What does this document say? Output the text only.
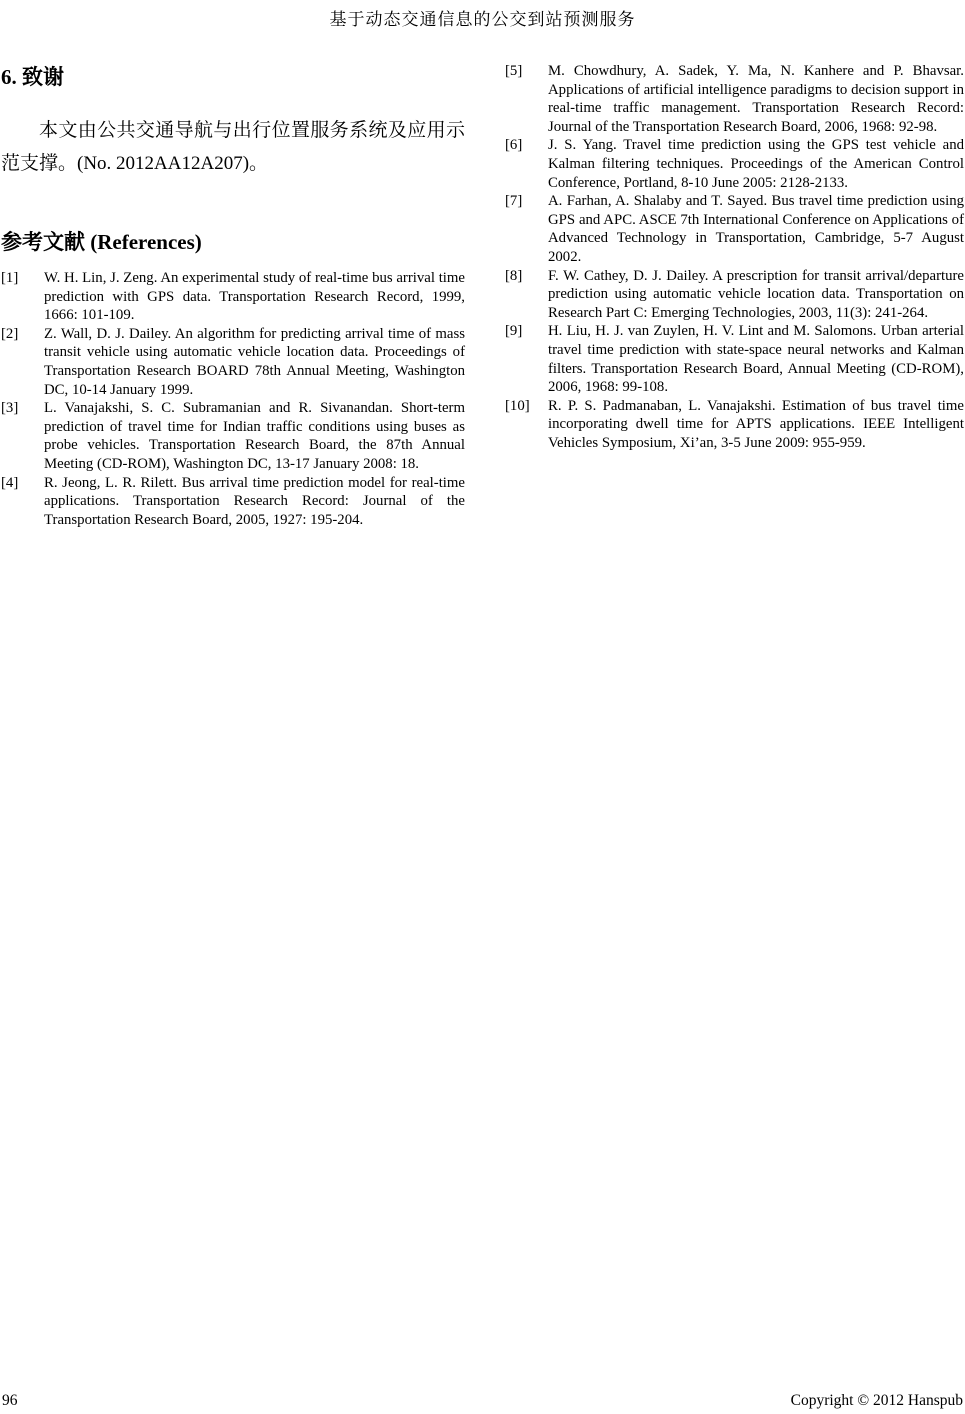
基于动态交通信息的公交到站预测服务
6. 致谢

本文由公共交通导航与出行位置服务系统及应用示范支撑。(No. 2012AA12A207)。

参考文献 (References)
[1] W. H. Lin, J. Zeng. An experimental study of real-time bus arrival time prediction with GPS data. Transportation Research Record, 1999, 1666: 101-109.
[2] Z. Wall, D. J. Dailey. An algorithm for predicting arrival time of mass transit vehicle using automatic vehicle location data. Proceedings of Transportation Research BOARD 78th Annual Meeting, Washington DC, 10-14 January 1999.
[3] L. Vanajakshi, S. C. Subramanian and R. Sivanandan. Short-term prediction of travel time for Indian traffic conditions using buses as probe vehicles. Transportation Research Board, the 87th Annual Meeting (CD-ROM), Washington DC, 13-17 January 2008: 18.
[4] R. Jeong, L. R. Rilett. Bus arrival time prediction model for real-time applications. Transportation Research Record: Journal of the Transportation Research Board, 2005, 1927: 195-204.
[5] M. Chowdhury, A. Sadek, Y. Ma, N. Kanhere and P. Bhavsar. Applications of artificial intelligence paradigms to decision support in real-time traffic management. Transportation Research Record: Journal of the Transportation Research Board, 2006, 1968: 92-98.
[6] J. S. Yang. Travel time prediction using the GPS test vehicle and Kalman filtering techniques. Proceedings of the American Control Conference, Portland, 8-10 June 2005: 2128-2133.
[7] A. Farhan, A. Shalaby and T. Sayed. Bus travel time prediction using GPS and APC. ASCE 7th International Conference on Applications of Advanced Technology in Transportation, Cambridge, 5-7 August 2002.
[8] F. W. Cathey, D. J. Dailey. A prescription for transit arrival/departure prediction using automatic vehicle location data. Transportation on Research Part C: Emerging Technologies, 2003, 11(3): 241-264.
[9] H. Liu, H. J. van Zuylen, H. V. Lint and M. Salomons. Urban arterial travel time prediction with state-space neural networks and Kalman filters. Transportation Research Board, Annual Meeting (CD-ROM), 2006, 1968: 99-108.
[10] R. P. S. Padmanaban, L. Vanajakshi. Estimation of bus travel time incorporating dwell time for APTS applications. IEEE Intelligent Vehicles Symposium, Xi’an, 3-5 June 2009: 955-959.
96	Copyright © 2012 Hanspub
